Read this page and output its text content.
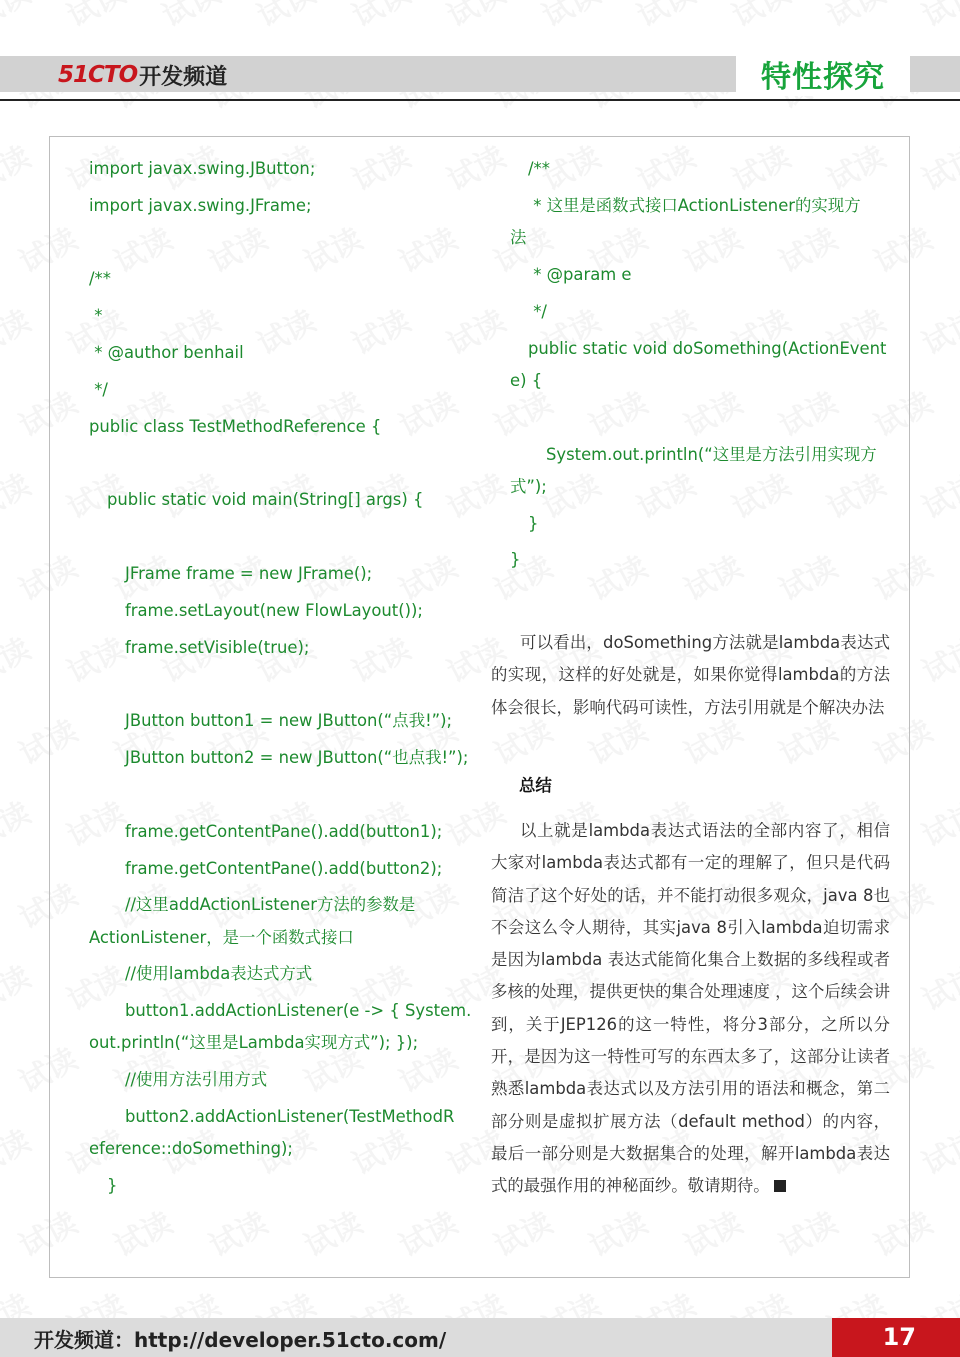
51CTO 开发频道	特性探究
import javax.swing.JButton;
import javax.swing.JFrame;
/**
*
* @author benhail
*/
public class TestMethodReference {
public static void main(String[] args) {
JFrame frame = new JFrame();
frame.setLayout(new FlowLayout());
frame.setVisible(true);
JButton button1 = new JButton(“点我!”);
JButton button2 = new JButton(“也点我!”);
frame.getContentPane().add(button1);
frame.getContentPane().add(button2);
//这里addActionListener方法的参数是
ActionListener，是一个函数式接口
//使用lambda表达式方式
button1.addActionListener(e -> { System.
out.println(“这里是Lambda实现方式”); });
//使用方法引用方式
button2.addActionListener(TestMethodR
eference::doSomething);
}
/**
* 这里是函数式接口ActionListener的实现方
法
* @param e
*/
public static void doSomething(ActionEvent
e) {
System.out.println(“这里是方法引用实现方
式”);
}
}

可以看出，doSomething方法就是lambda表达式的实现，这样的好处就是，如果你觉得lambda的方法体会很长，影响代码可读性，方法引用就是个解决办法

总结

以上就是lambda表达式语法的全部内容了，相信大家对lambda表达式都有一定的理解了，但只是代码简洁了这个好处的话，并不能打动很多观众，java 8也不会这么令人期待，其实java 8引入lambda迫切需求是因为lambda 表达式能简化集合上数据的多线程或者多核的处理，提供更快的集合处理速度 ，这个后续会讲到，关于JEP126的这一特性，将分3部分，之所以分开，是因为这一特性可写的东西太多了，这部分让读者熟悉lambda表达式以及方法引用的语法和概念，第二部分则是虚拟扩展方法（default method）的内容，最后一部分则是大数据集合的处理，解开lambda表达式的最强作用的神秘面纱。敬请期待。

开发频道：http://developer.51cto.com/	17
